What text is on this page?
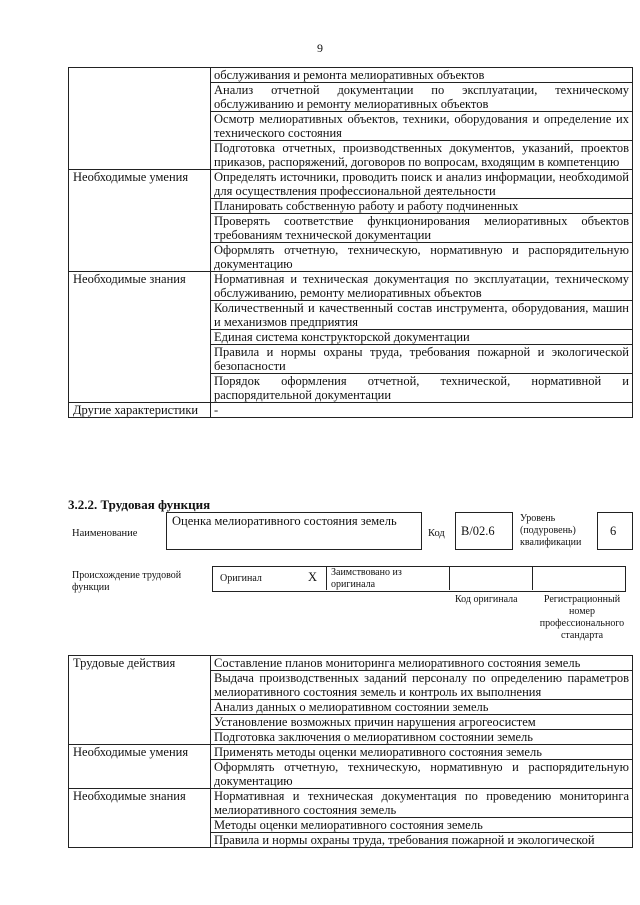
9
	обслуживания и ремонта мелиоративных объектов
	Анализ отчетной документации по эксплуатации, техническому обслуживанию и ремонту мелиоративных объектов
	Осмотр мелиоративных объектов, техники, оборудования и определение их технического состояния
	Подготовка отчетных, производственных документов, указаний, проектов приказов, распоряжений, договоров по вопросам, входящим в компетенцию
Необходимые умения	Определять источники, проводить поиск и анализ информации, необходимой для осуществления профессиональной деятельности
	Планировать собственную работу и работу подчиненных
	Проверять соответствие функционирования мелиоративных объектов требованиям технической документации
	Оформлять отчетную, техническую, нормативную и распорядительную документацию
Необходимые знания	Нормативная и техническая документация по эксплуатации, техническому обслуживанию, ремонту мелиоративных объектов
	Количественный и качественный состав инструмента, оборудования, машин и механизмов предприятия
	Единая система конструкторской документации
	Правила и нормы охраны труда, требования пожарной и экологической безопасности
	Порядок оформления отчетной, технической, нормативной и распорядительной документации
Другие характеристики	-
3.2.2. Трудовая функция
Наименование
Оценка мелиоративного состояния земель
Код В/02.6
Уровень (подуровень) квалификации
6
Происхождение трудовой функции
Оригинал	X Заимствовано из оригинала
Код оригинала	Регистрационный номер профессионального стандарта
Трудовые действия	Составление планов мониторинга мелиоративного состояния земель
	Выдача производственных заданий персоналу по определению параметров мелиоративного состояния земель и контроль их выполнения
	Анализ данных о мелиоративном состоянии земель
	Установление возможных причин нарушения агрогеосистем
	Подготовка заключения о мелиоративном состоянии земель
Необходимые умения	Применять методы оценки мелиоративного состояния земель
	Оформлять отчетную, техническую, нормативную и распорядительную документацию
Необходимые знания	Нормативная и техническая документация по проведению мониторинга мелиоративного состояния земель
	Методы оценки мелиоративного состояния земель
	Правила и нормы охраны труда, требования пожарной и экологической
